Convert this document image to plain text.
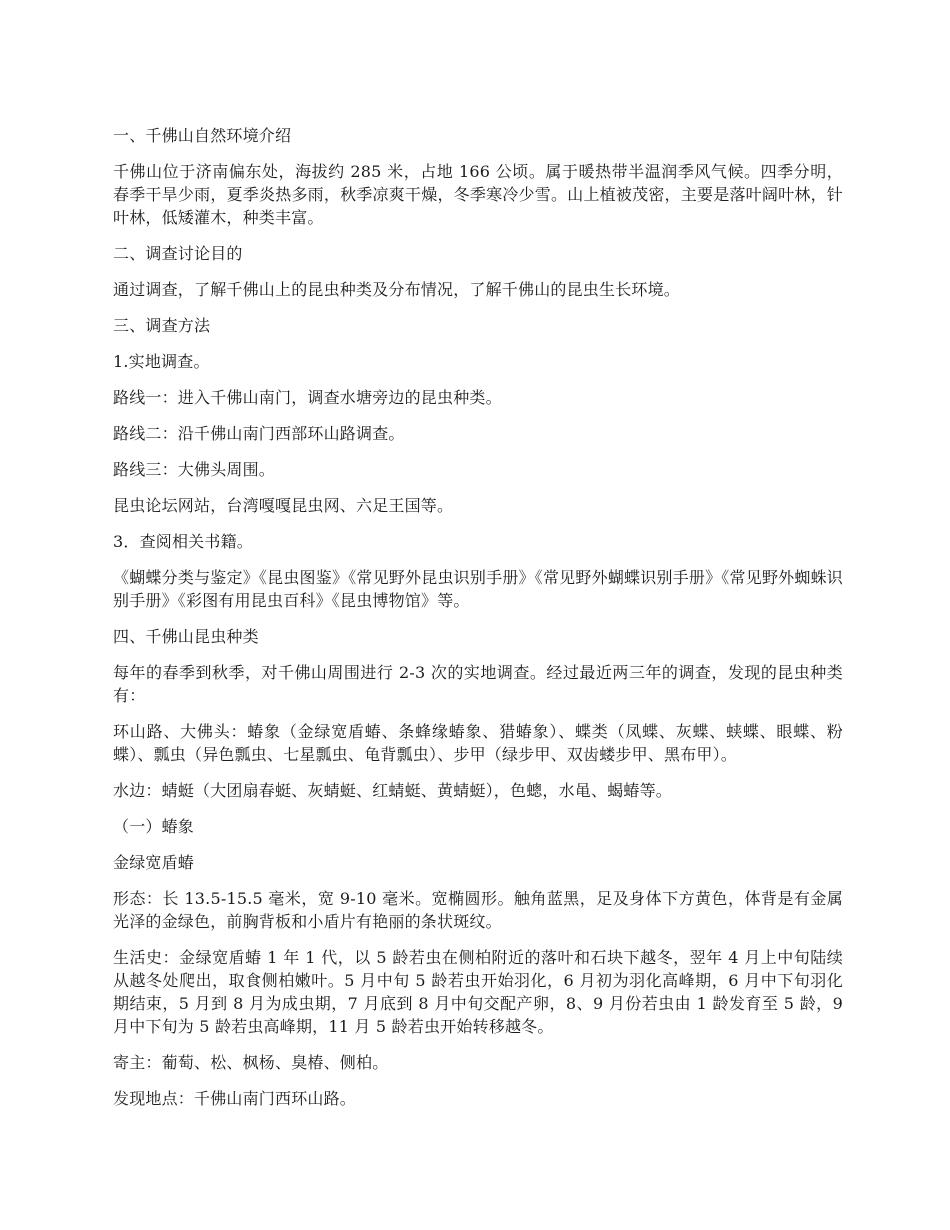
一、千佛山自然环境介绍

千佛山位于济南偏东处，海拔约 285 米，占地 166 公顷。属于暖热带半温润季风气候。四季分明，春季干旱少雨，夏季炎热多雨，秋季凉爽干燥，冬季寒冷少雪。山上植被茂密，主要是落叶阔叶林，针叶林，低矮灌木，种类丰富。

二、调查讨论目的

通过调查，了解千佛山上的昆虫种类及分布情况，了解千佛山的昆虫生长环境。

三、调查方法

1.实地调查。

路线一：进入千佛山南门，调查水塘旁边的昆虫种类。

路线二：沿千佛山南门西部环山路调查。

路线三：大佛头周围。

昆虫论坛网站，台湾嘎嘎昆虫网、六足王国等。

3．查阅相关书籍。

《蝴蝶分类与鉴定》《昆虫图鉴》《常见野外昆虫识别手册》《常见野外蝴蝶识别手册》《常见野外蜘蛛识别手册》《彩图有用昆虫百科》《昆虫博物馆》等。

四、千佛山昆虫种类

每年的春季到秋季，对千佛山周围进行 2-3 次的实地调查。经过最近两三年的调查，发现的昆虫种类有：

环山路、大佛头：蝽象（金绿宽盾蝽、条蜂缘蝽象、猎蝽象）、蝶类（凤蝶、灰蝶、蛱蝶、眼蝶、粉蝶）、瓢虫（异色瓢虫、七星瓢虫、龟背瓢虫）、步甲（绿步甲、双齿蝼步甲、黑布甲）。

水边：蜻蜓（大团扇春蜓、灰蜻蜓、红蜻蜓、黄蜻蜓），色蟌，水黾、蝎蝽等。

（一）蝽象

金绿宽盾蝽

形态：长 13.5-15.5 毫米，宽 9-10 毫米。宽椭圆形。触角蓝黑，足及身体下方黄色，体背是有金属光泽的金绿色，前胸背板和小盾片有艳丽的条状斑纹。

生活史：金绿宽盾蝽 1 年 1 代，以 5 龄若虫在侧柏附近的落叶和石块下越冬，翌年 4 月上中旬陆续从越冬处爬出，取食侧柏嫩叶。5 月中旬 5 龄若虫开始羽化，6 月初为羽化高峰期，6 月中下旬羽化期结束，5 月到 8 月为成虫期，7 月底到 8 月中旬交配产卵，8、9 月份若虫由 1 龄发育至 5 龄，9 月中下旬为 5 龄若虫高峰期，11 月 5 龄若虫开始转移越冬。

寄主：葡萄、松、枫杨、臭椿、侧柏。

发现地点：千佛山南门西环山路。
